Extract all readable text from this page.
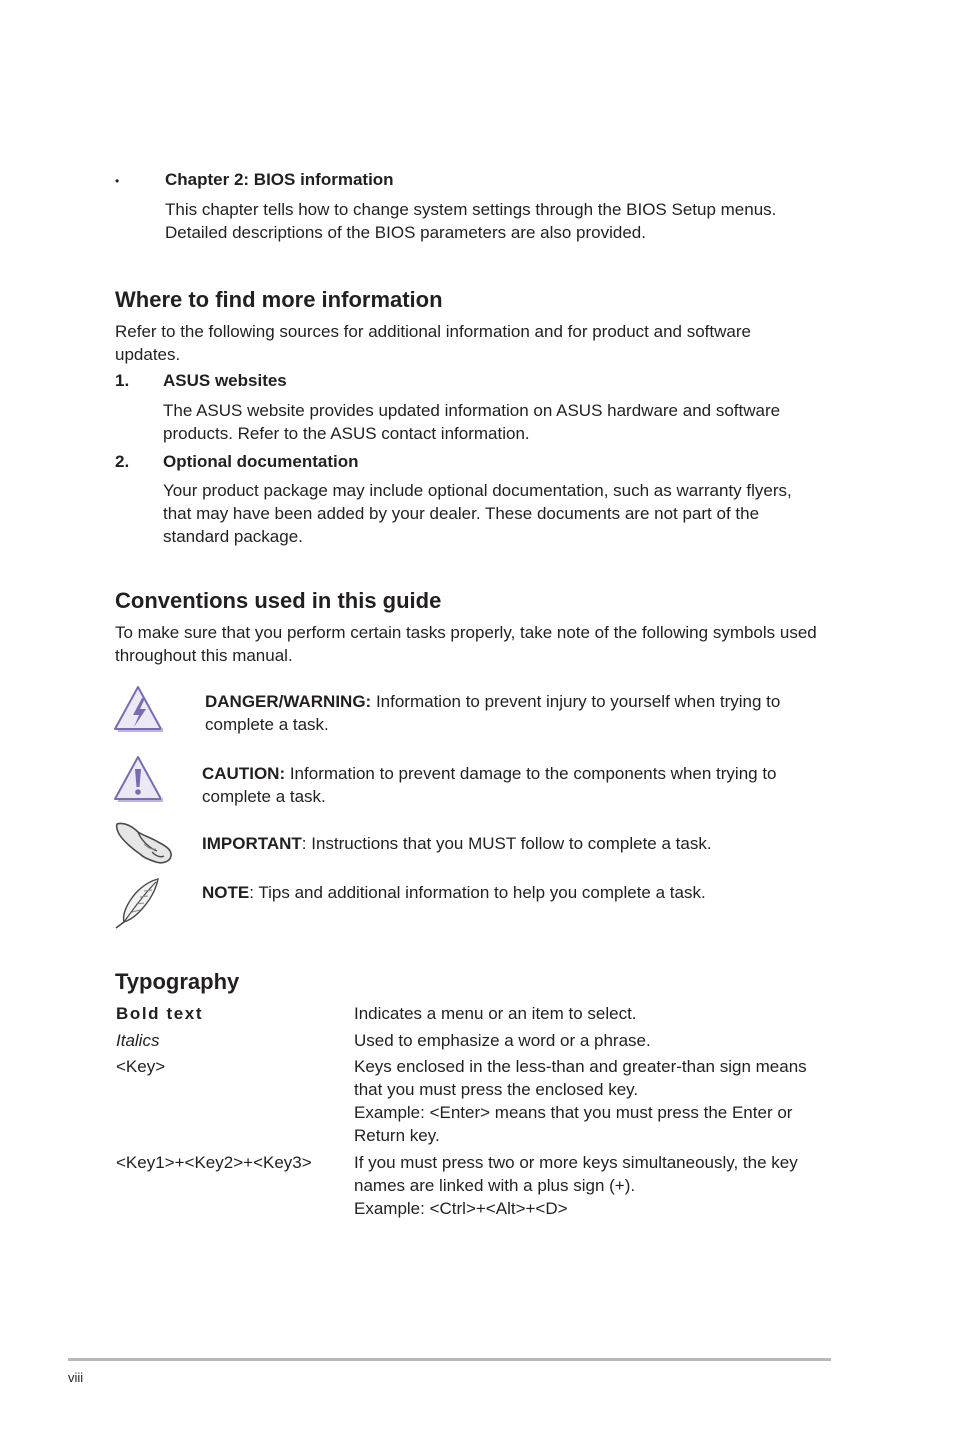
•	Chapter 2: BIOS information
This chapter tells how to change system settings through the BIOS Setup menus.
Detailed descriptions of the BIOS parameters are also provided.
Where to find more information
Refer to the following sources for additional information and for product and software
updates.
1. ASUS websites
The ASUS website provides updated information on ASUS hardware and software
products. Refer to the ASUS contact information.
2. Optional documentation
Your product package may include optional documentation, such as warranty flyers,
that may have been added by your dealer. These documents are not part of the
standard package.
Conventions used in this guide
To make sure that you perform certain tasks properly, take note of the following symbols used
throughout this manual.
DANGER/WARNING: Information to prevent injury to yourself when trying to
complete a task.
CAUTION: Information to prevent damage to the components when trying to
complete a task.
IMPORTANT: Instructions that you MUST follow to complete a task.
NOTE: Tips and additional information to help you complete a task.
Typography
Bold text	Indicates a menu or an item to select.
Italics	Used to emphasize a word or a phrase.
<Key>	Keys enclosed in the less-than and greater-than sign means
that you must press the enclosed key.
Example: <Enter> means that you must press the Enter or
Return key.
<Key1>+<Key2>+<Key3> If you must press two or more keys simultaneously, the key
names are linked with a plus sign (+).
Example: <Ctrl>+<Alt>+<D>
viii
